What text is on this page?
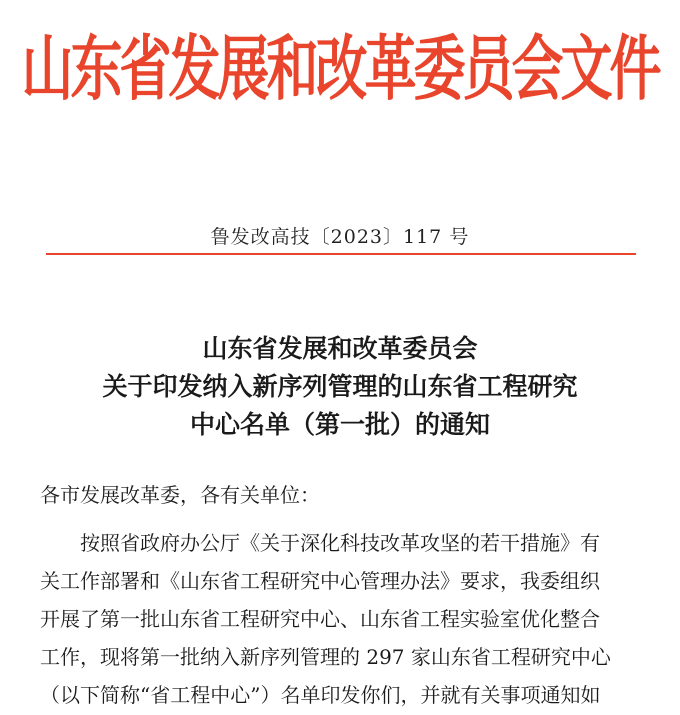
山东省发展和改革委员会文件
鲁发改高技〔2023〕117 号
山东省发展和改革委员会
关于印发纳入新序列管理的山东省工程研究
中心名单（第一批）的通知
各市发展改革委，各有关单位：
按照省政府办公厅《关于深化科技改革攻坚的若干措施》有
关工作部署和《山东省工程研究中心管理办法》要求，我委组织
开展了第一批山东省工程研究中心、山东省工程实验室优化整合
工作，现将第一批纳入新序列管理的 297 家山东省工程研究中心
（以下简称“省工程中心”）名单印发你们，并就有关事项通知如
